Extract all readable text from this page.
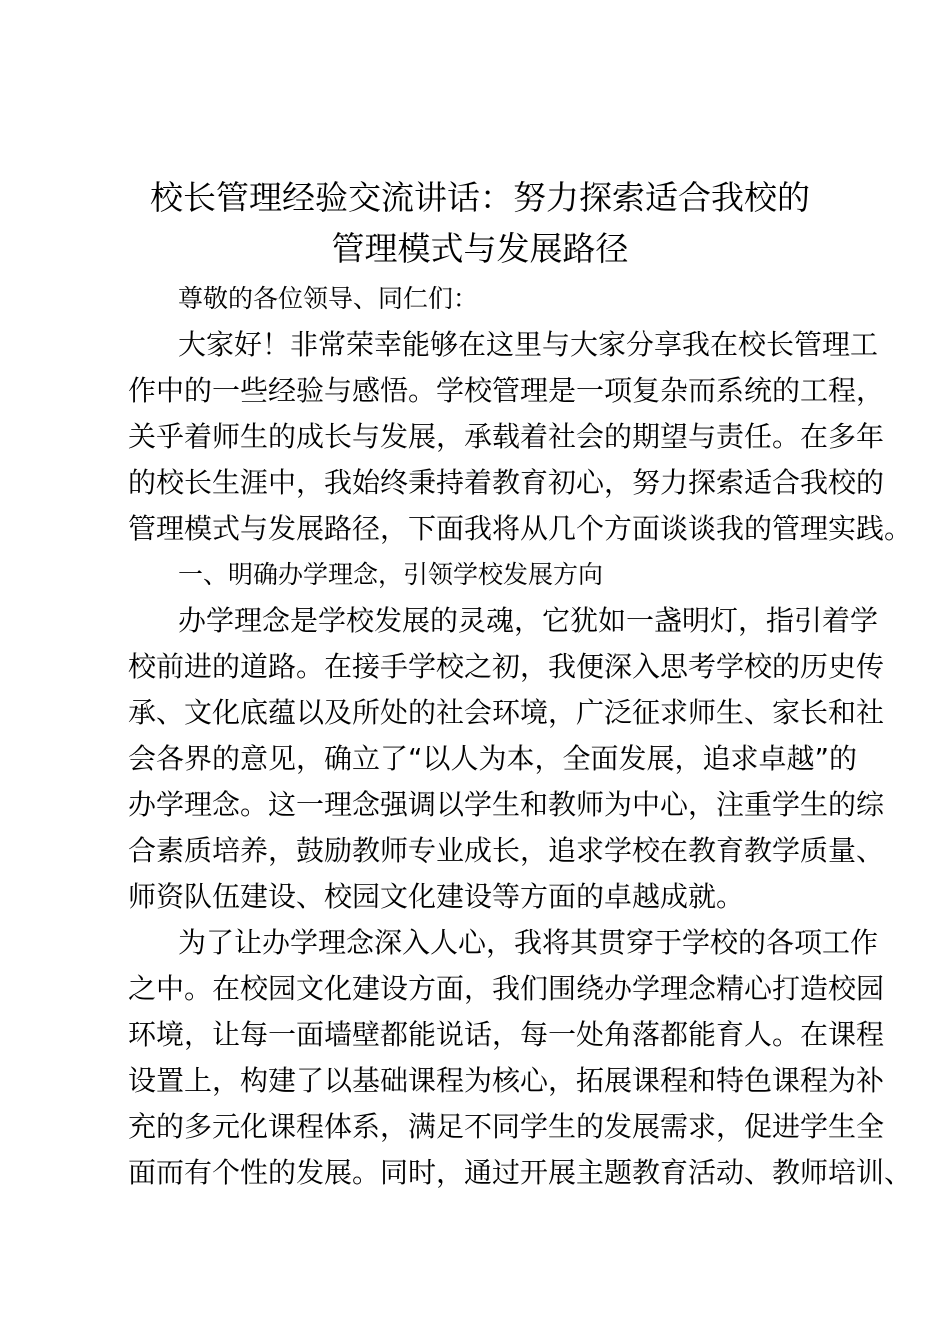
校长管理经验交流讲话：努力探索适合我校的
管理模式与发展路径
尊敬的各位领导、同仁们：
大家好！非常荣幸能够在这里与大家分享我在校长管理工
作中的一些经验与感悟。学校管理是一项复杂而系统的工程，
关乎着师生的成长与发展，承载着社会的期望与责任。在多年
的校长生涯中，我始终秉持着教育初心，努力探索适合我校的
管理模式与发展路径，下面我将从几个方面谈谈我的管理实践。
一、明确办学理念，引领学校发展方向
办学理念是学校发展的灵魂，它犹如一盏明灯，指引着学
校前进的道路。在接手学校之初，我便深入思考学校的历史传
承、文化底蕴以及所处的社会环境，广泛征求师生、家长和社
会各界的意见，确立了“以人为本，全面发展，追求卓越”的
办学理念。这一理念强调以学生和教师为中心，注重学生的综
合素质培养，鼓励教师专业成长，追求学校在教育教学质量、
师资队伍建设、校园文化建设等方面的卓越成就。
为了让办学理念深入人心，我将其贯穿于学校的各项工作
之中。在校园文化建设方面，我们围绕办学理念精心打造校园
环境，让每一面墙壁都能说话，每一处角落都能育人。在课程
设置上，构建了以基础课程为核心，拓展课程和特色课程为补
充的多元化课程体系，满足不同学生的发展需求，促进学生全
面而有个性的发展。同时，通过开展主题教育活动、教师培训、
